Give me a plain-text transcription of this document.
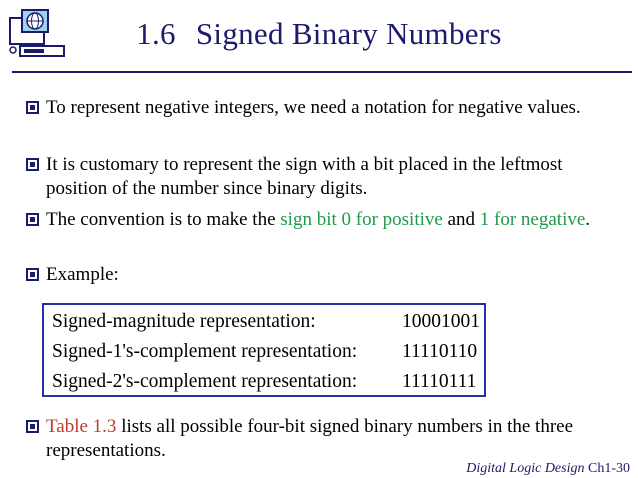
1.6 Signed Binary Numbers
To represent negative integers, we need a notation for negative values.
It is customary to represent the sign with a bit placed in the leftmost position of the number since binary digits.
The convention is to make the sign bit 0 for positive and 1 for negative.
Example:
Signed-magnitude representation:	10001001
Signed-1's-complement representation: 11110110
Signed-2's-complement representation: 11110111
Table 1.3 lists all possible four-bit signed binary numbers in the three representations.
Digital Logic Design Ch1-30
